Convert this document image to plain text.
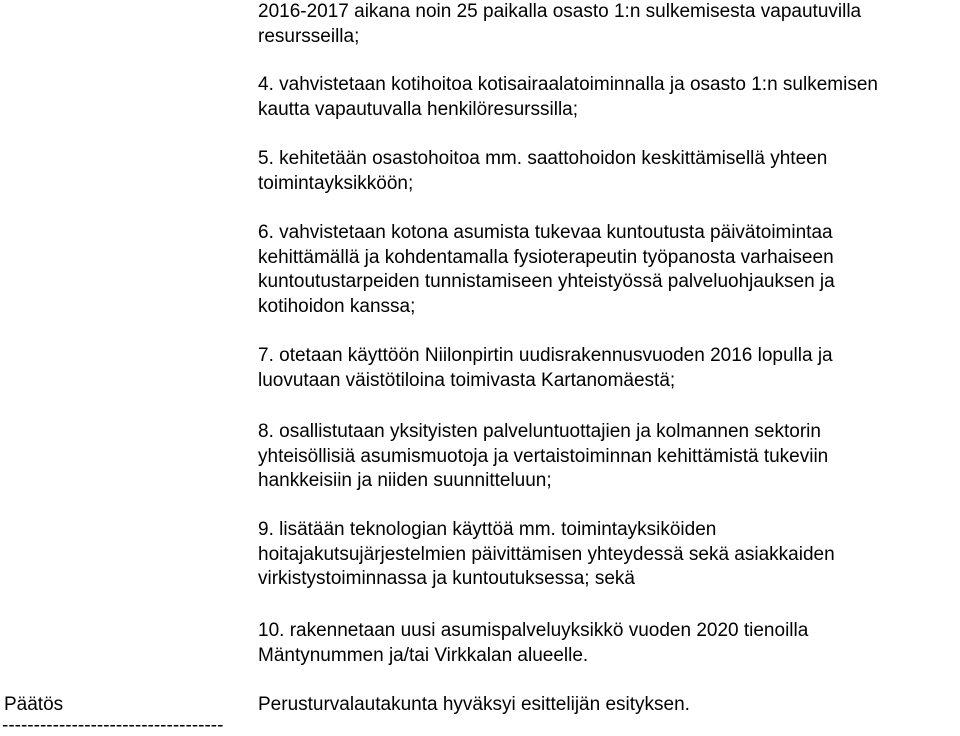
2016-2017 aikana noin 25 paikalla osasto 1:n sulkemisesta vapautuvilla
resursseilla;

4. vahvistetaan kotihoitoa kotisairaalatoiminnalla ja osasto 1:n sulkemisen
kautta vapautuvalla henkilöresurssilla;

5. kehitetään osastohoitoa mm. saattohoidon keskittämisellä yhteen
toimintayksikköön;

6. vahvistetaan kotona asumista tukevaa kuntoutusta päivätoimintaa
kehittämällä ja kohdentamalla fysioterapeutin työpanosta varhaiseen
kuntoutustarpeiden tunnistamiseen yhteistyössä palveluohjauksen ja
kotihoidon kanssa;

7. otetaan käyttöön Niilonpirtin uudisrakennusvuoden 2016 lopulla ja
luovutaan väistötiloina toimivasta Kartanomäestä;

8. osallistutaan yksityisten palveluntuottajien ja kolmannen sektorin
yhteisöllisiä asumismuotoja ja vertaistoiminnan kehittämistä tukeviin
hankkeisiin ja niiden suunnitteluun;

9. lisätään teknologian käyttöä mm. toimintayksiköiden
hoitajakutsujärjestelmien päivittämisen yhteydessä sekä asiakkaiden
virkistystoiminnassa ja kuntoutuksessa; sekä

10. rakennetaan uusi asumispalveluyksikkö vuoden 2020 tienoilla
Mäntynummen ja/tai Virkkalan alueelle.

Päätös	Perusturvalautakunta hyväksyi esittelijän esityksen.
-----------------------------------
